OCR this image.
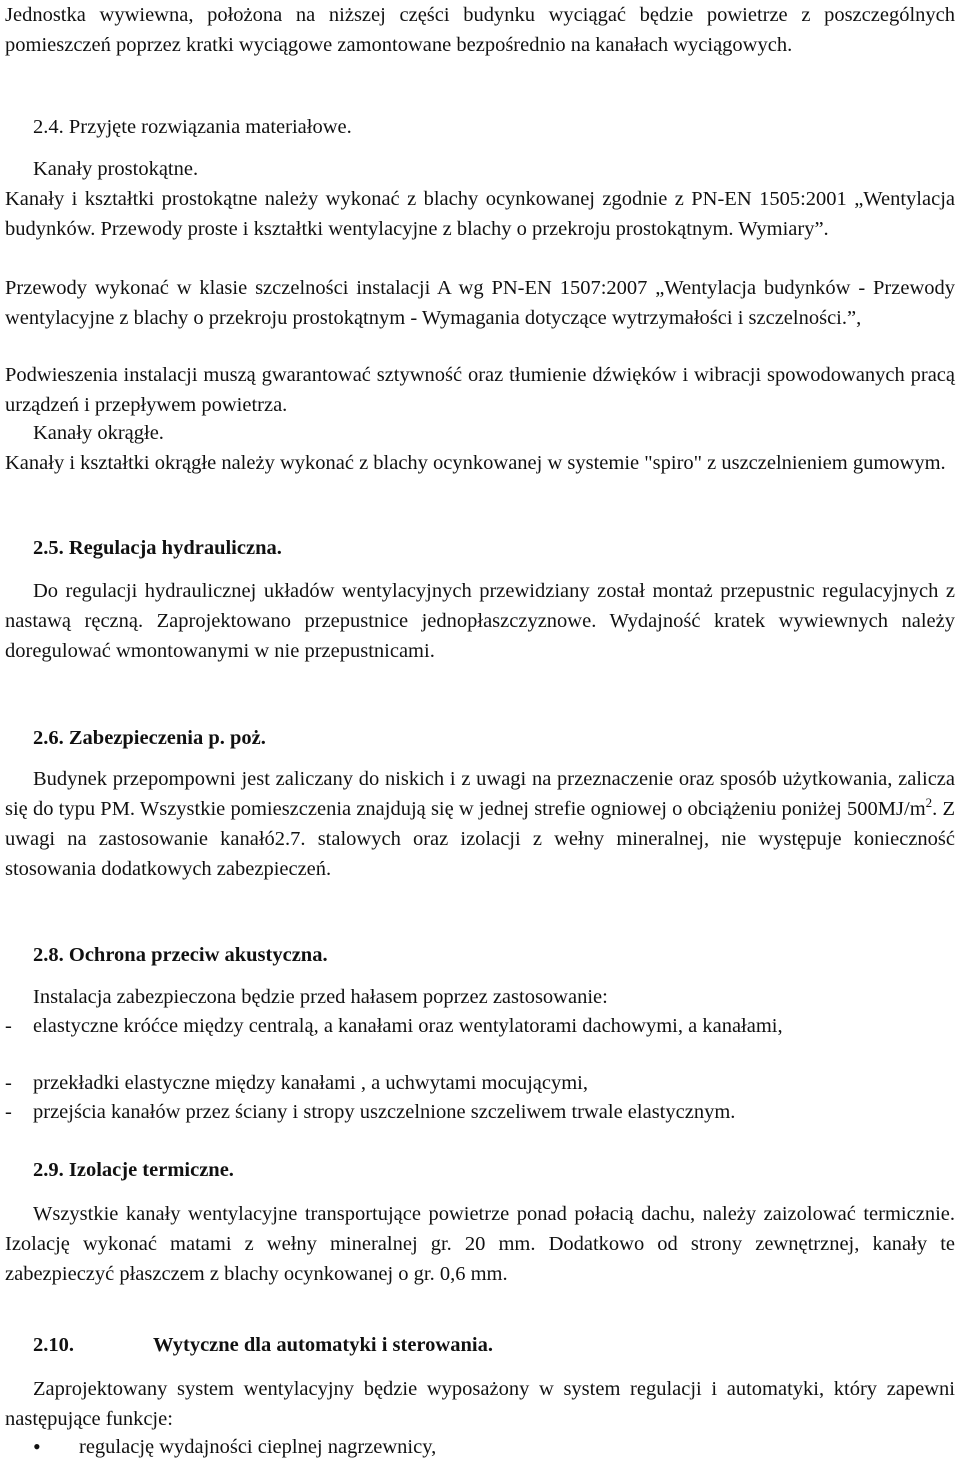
Jednostka wywiewna, położona na niższej części budynku wyciągać będzie powietrze z poszczególnych pomieszczeń poprzez kratki wyciągowe zamontowane bezpośrednio na kanałach wyciągowych.

2.4. Przyjęte rozwiązania materiałowe.

Kanały prostokątne.

Kanały i kształtki prostokątne należy wykonać z blachy ocynkowanej zgodnie z PN-EN 1505:2001 „Wentylacja budynków. Przewody proste i kształtki wentylacyjne z blachy o przekroju prostokątnym. Wymiary”.

Przewody wykonać w klasie szczelności instalacji A wg PN-EN 1507:2007 „Wentylacja budynków - Przewody wentylacyjne z blachy o przekroju prostokątnym - Wymagania dotyczące wytrzymałości i szczelności.”,

Podwieszenia instalacji muszą gwarantować sztywność oraz tłumienie dźwięków i wibracji spowodowanych pracą urządzeń i przepływem powietrza.

Kanały okrągłe.

Kanały i kształtki okrągłe należy wykonać z blachy ocynkowanej w systemie "spiro" z uszczelnieniem gumowym.

2.5. Regulacja hydrauliczna.

Do regulacji hydraulicznej układów wentylacyjnych przewidziany został montaż przepustnic regulacyjnych z nastawą ręczną. Zaprojektowano przepustnice jednopłaszczyznowe. Wydajność kratek wywiewnych należy doregulować wmontowanymi w nie przepustnicami.

2.6. Zabezpieczenia p. poż.

Budynek przepompowni jest zaliczany do niskich i z uwagi na przeznaczenie oraz sposób użytkowania, zalicza się do typu PM. Wszystkie pomieszczenia znajdują się w jednej strefie ogniowej o obciążeniu poniżej $500MJ/m^2$. Z uwagi na zastosowanie kanałó2.7. stalowych oraz izolacji z wełny mineralnej, nie występuje konieczność stosowania dodatkowych zabezpieczeń.

2.8. Ochrona przeciw akustyczna.

Instalacja zabezpieczona będzie przed hałasem poprzez zastosowanie:

- elastyczne króćce między centralą, a kanałami oraz wentylatorami dachowymi, a kanałami,
- przekładki elastyczne między kanałami , a uchwytami mocującymi,
- przejścia kanałów przez ściany i stropy uszczelnione szczeliwem trwale elastycznym.

2.9. Izolacje termiczne.

Wszystkie kanały wentylacyjne transportujące powietrze ponad połacią dachu, należy zaizolować termicznie. Izolację wykonać matami z wełny mineralnej gr. 20 mm. Dodatkowo od strony zewnętrznej, kanały te zabezpieczyć płaszczem z blachy ocynkowanej o gr. 0,6 mm.

2.10.	Wytyczne dla automatyki i sterowania.

Zaprojektowany system wentylacyjny będzie wyposażony w system regulacji i automatyki, który zapewni następujące funkcje:

• regulację wydajności cieplnej nagrzewnicy,
